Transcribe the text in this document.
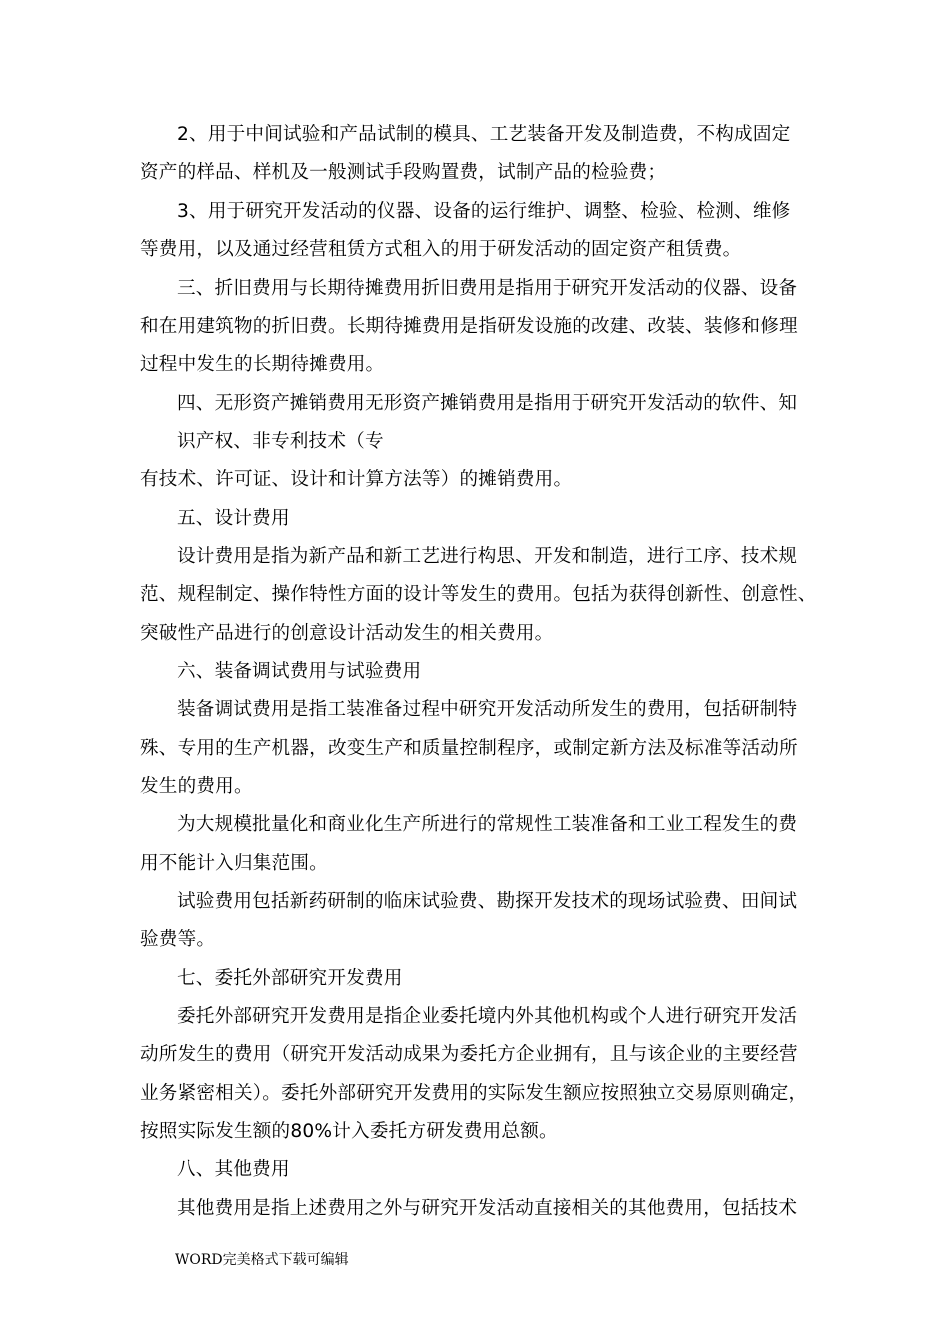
2、用于中间试验和产品试制的模具、工艺装备开发及制造费，不构成固定
资产的样品、样机及一般测试手段购置费，试制产品的检验费；
3、用于研究开发活动的仪器、设备的运行维护、调整、检验、检测、维修
等费用，以及通过经营租赁方式租入的用于研发活动的固定资产租赁费。
三、折旧费用与长期待摊费用折旧费用是指用于研究开发活动的仪器、设备
和在用建筑物的折旧费。长期待摊费用是指研发设施的改建、改装、装修和修理
过程中发生的长期待摊费用。
四、无形资产摊销费用无形资产摊销费用是指用于研究开发活动的软件、知
识产权、非专利技术（专
有技术、许可证、设计和计算方法等）的摊销费用。
五、设计费用
设计费用是指为新产品和新工艺进行构思、开发和制造，进行工序、技术规
范、规程制定、操作特性方面的设计等发生的费用。包括为获得创新性、创意性、
突破性产品进行的创意设计活动发生的相关费用。
六、装备调试费用与试验费用
装备调试费用是指工装准备过程中研究开发活动所发生的费用，包括研制特
殊、专用的生产机器，改变生产和质量控制程序，或制定新方法及标准等活动所
发生的费用。
为大规模批量化和商业化生产所进行的常规性工装准备和工业工程发生的费
用不能计入归集范围。
试验费用包括新药研制的临床试验费、勘探开发技术的现场试验费、田间试
验费等。
七、委托外部研究开发费用
委托外部研究开发费用是指企业委托境内外其他机构或个人进行研究开发活
动所发生的费用（研究开发活动成果为委托方企业拥有，且与该企业的主要经营
业务紧密相关）。委托外部研究开发费用的实际发生额应按照独立交易原则确定，
按照实际发生额的80%计入委托方研发费用总额。
八、其他费用
其他费用是指上述费用之外与研究开发活动直接相关的其他费用，包括技术
WORD完美格式下载可编辑
